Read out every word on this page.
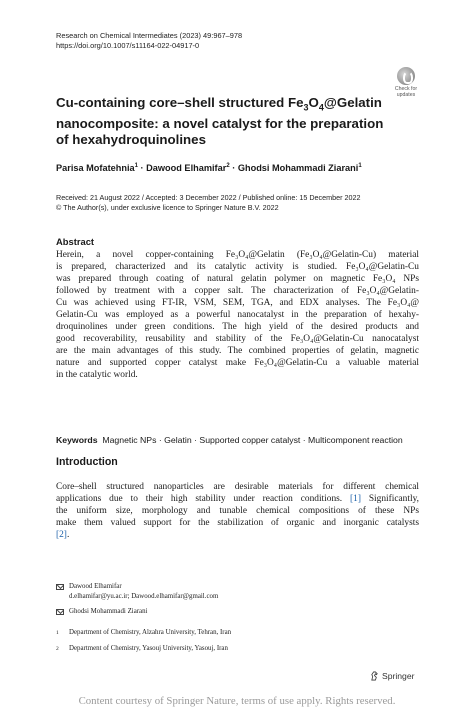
Research on Chemical Intermediates (2023) 49:967–978
https://doi.org/10.1007/s11164-022-04917-0
Check for
updates
Cu-containing core–shell structured $Fe_3O_4@Gelatin$
nanocomposite: a novel catalyst for the preparation
of hexahydroquinolines
Parisa Mofatehnia$^1$ · Dawood Elhamifar$^2$ · Ghodsi Mohammadi Ziarani$^1$
Received: 21 August 2022 / Accepted: 3 December 2022 / Published online: 15 December 2022
© The Author(s), under exclusive licence to Springer Nature B.V. 2022
Abstract
Herein, a novel copper-containing Fe₃O₄@Gelatin (Fe₃O₄@Gelatin-Cu) material
is prepared, characterized and its catalytic activity is studied. Fe₃O₄@Gelatin-Cu
was prepared through coating of natural gelatin polymer on magnetic Fe₃O₄ NPs
followed by treatment with a copper salt. The characterization of Fe₃O₄@Gelatin-
Cu was achieved using FT-IR, VSM, SEM, TGA, and EDX analyses. The Fe₃O₄@
Gelatin-Cu was employed as a powerful nanocatalyst in the preparation of hexahy-
droquinolines under green conditions. The high yield of the desired products and
good recoverability, reusability and stability of the Fe₃O₄@Gelatin-Cu nanocatalyst
are the main advantages of this study. The combined properties of gelatin, magnetic
nature and supported copper catalyst make Fe₃O₄@Gelatin-Cu a valuable material
in the catalytic world.
Keywords Magnetic NPs · Gelatin · Supported copper catalyst · Multicomponent reaction
Introduction
Core–shell structured nanoparticles are desirable materials for different chemical
applications due to their high stability under reaction conditions. [1] Significantly,
the uniform size, morphology and tunable chemical compositions of these NPs
make them valued support for the stabilization of organic and inorganic catalysts
[2].
Dawood Elhamifar
d.elhamifar@yu.ac.ir; Dawood.elhamifar@gmail.com
Ghodsi Mohammadi Ziarani
1 Department of Chemistry, Alzahra University, Tehran, Iran
2 Department of Chemistry, Yasouj University, Yasouj, Iran
Springer
Content courtesy of Springer Nature, terms of use apply. Rights reserved.
